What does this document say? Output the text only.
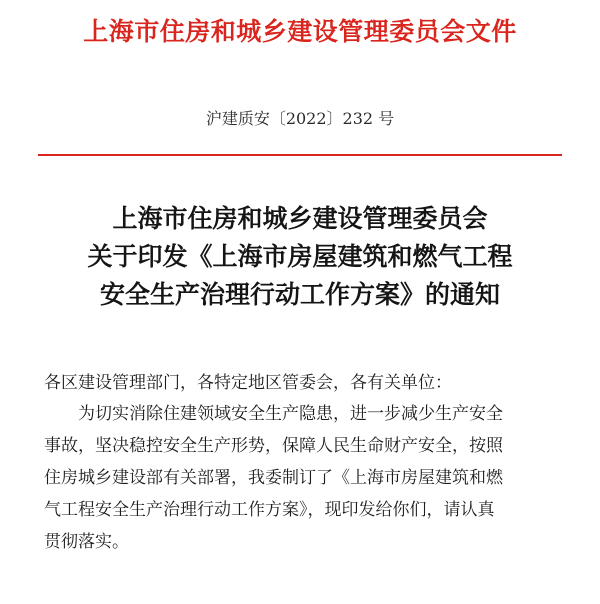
上海市住房和城乡建设管理委员会文件
沪建质安〔2022〕232 号
上海市住房和城乡建设管理委员会
关于印发《上海市房屋建筑和燃气工程
安全生产治理行动工作方案》的通知
各区建设管理部门，各特定地区管委会，各有关单位：
　　为切实消除住建领域安全生产隐患，进一步减少生产安全
事故，坚决稳控安全生产形势，保障人民生命财产安全，按照
住房城乡建设部有关部署，我委制订了《上海市房屋建筑和燃
气工程安全生产治理行动工作方案》，现印发给你们，请认真
贯彻落实。
